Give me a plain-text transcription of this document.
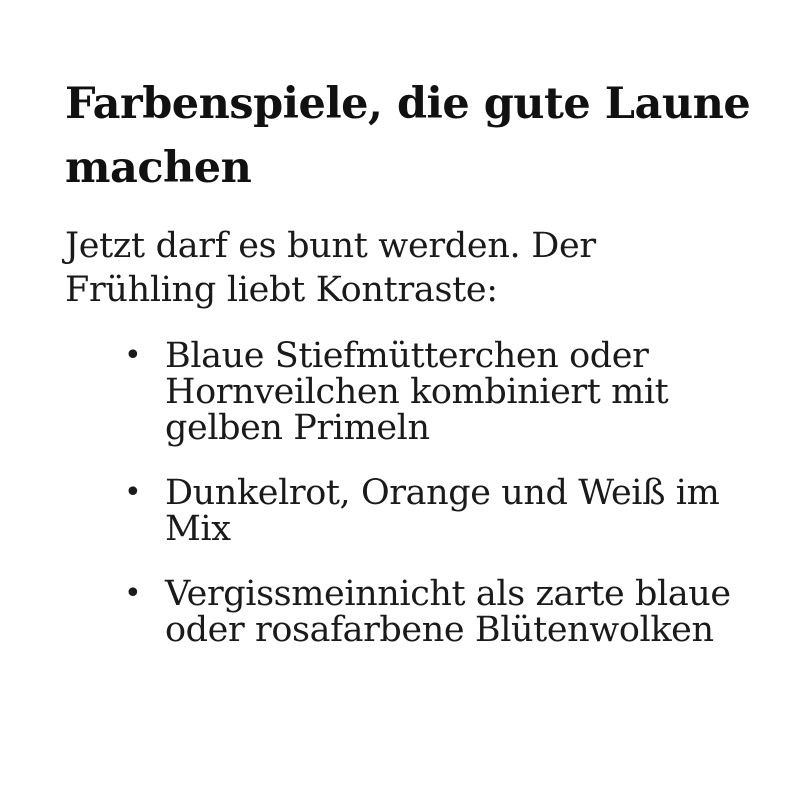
Farbenspiele, die gute Laune machen

Jetzt darf es bunt werden. Der Frühling liebt Kontraste:

• Blaue Stiefmütterchen oder Hornveilchen kombiniert mit gelben Primeln
• Dunkelrot, Orange und Weiß im Mix
• Vergissmeinnicht als zarte blaue oder rosafarbene Blütenwolken
